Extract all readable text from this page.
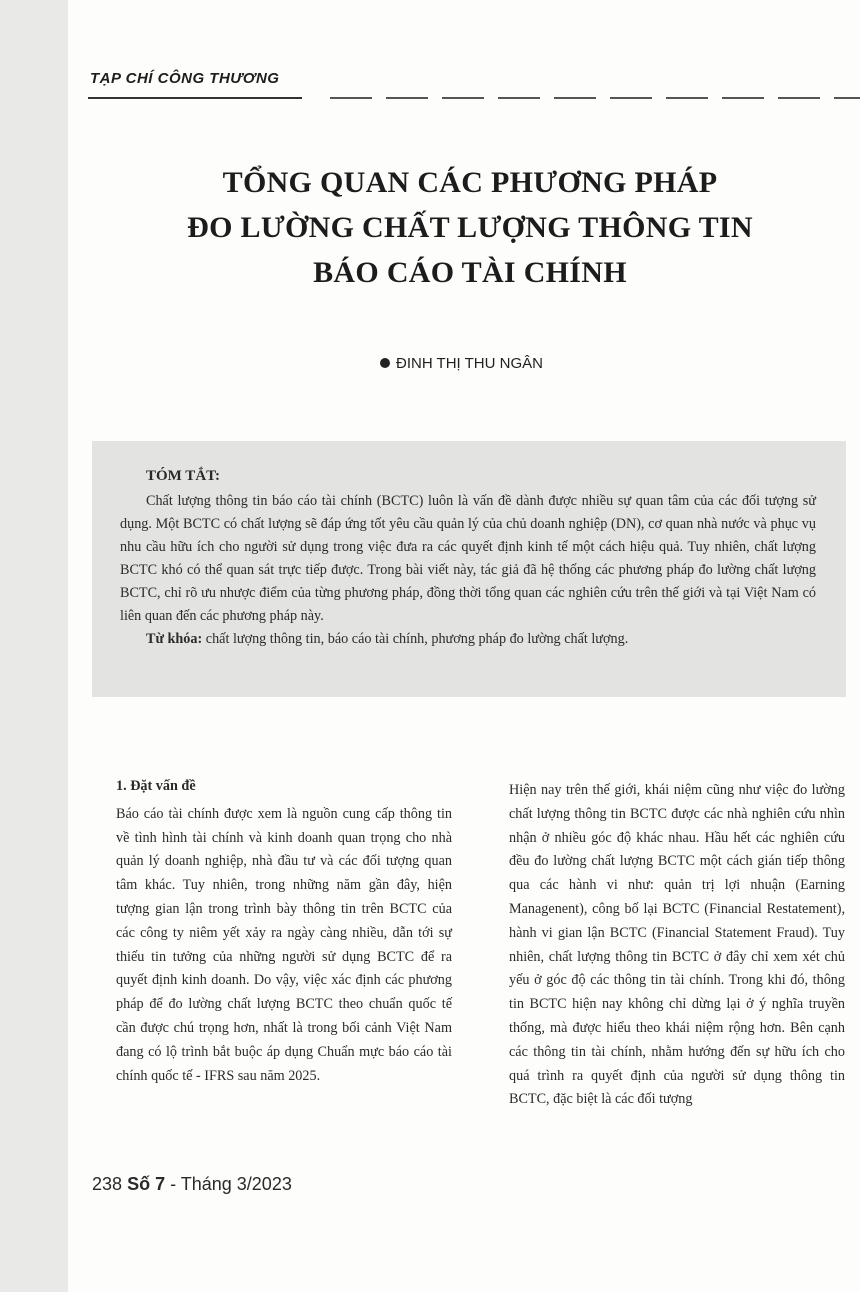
TẠP CHÍ CÔNG THƯƠNG
TỔNG QUAN CÁC PHƯƠNG PHÁP
ĐO LƯỜNG CHẤT LƯỢNG THÔNG TIN
BÁO CÁO TÀI CHÍNH
ĐINH THỊ THU NGÂN
TÓM TẮT:

Chất lượng thông tin báo cáo tài chính (BCTC) luôn là vấn đề dành được nhiều sự quan tâm của các đối tượng sử dụng. Một BCTC có chất lượng sẽ đáp ứng tốt yêu cầu quản lý của chủ doanh nghiệp (DN), cơ quan nhà nước và phục vụ nhu cầu hữu ích cho người sử dụng trong việc đưa ra các quyết định kinh tế một cách hiệu quả. Tuy nhiên, chất lượng BCTC khó có thể quan sát trực tiếp được. Trong bài viết này, tác giả đã hệ thống các phương pháp đo lường chất lượng BCTC, chỉ rõ ưu nhược điểm của từng phương pháp, đồng thời tổng quan các nghiên cứu trên thế giới và tại Việt Nam có liên quan đến các phương pháp này.

Từ khóa: chất lượng thông tin, báo cáo tài chính, phương pháp đo lường chất lượng.

1. Đặt vấn đề

Báo cáo tài chính được xem là nguồn cung cấp thông tin về tình hình tài chính và kinh doanh quan trọng cho nhà quản lý doanh nghiệp, nhà đầu tư và các đối tượng quan tâm khác. Tuy nhiên, trong những năm gần đây, hiện tượng gian lận trong trình bày thông tin trên BCTC của các công ty niêm yết xảy ra ngày càng nhiều, dẫn tới sự thiếu tin tưởng của những người sử dụng BCTC để ra quyết định kinh doanh. Do vậy, việc xác định các phương pháp để đo lường chất lượng BCTC theo chuẩn quốc tế cần được chú trọng hơn, nhất là trong bối cảnh Việt Nam đang có lộ trình bắt buộc áp dụng Chuẩn mực báo cáo tài chính quốc tế - IFRS sau năm 2025.

Hiện nay trên thế giới, khái niệm cũng như việc đo lường chất lượng thông tin BCTC được các nhà nghiên cứu nhìn nhận ở nhiều góc độ khác nhau. Hầu hết các nghiên cứu đều đo lường chất lượng BCTC một cách gián tiếp thông qua các hành vi như: quản trị lợi nhuận (Earning Managenent), công bố lại BCTC (Financial Restatement), hành vi gian lận BCTC (Financial Statement Fraud). Tuy nhiên, chất lượng thông tin BCTC ở đây chỉ xem xét chủ yếu ở góc độ các thông tin tài chính. Trong khi đó, thông tin BCTC hiện nay không chỉ dừng lại ở ý nghĩa truyền thống, mà được hiểu theo khái niệm rộng hơn. Bên cạnh các thông tin tài chính, nhằm hướng đến sự hữu ích cho quá trình ra quyết định của người sử dụng thông tin BCTC, đặc biệt là các đối tượng

238 Số 7 - Tháng 3/2023
